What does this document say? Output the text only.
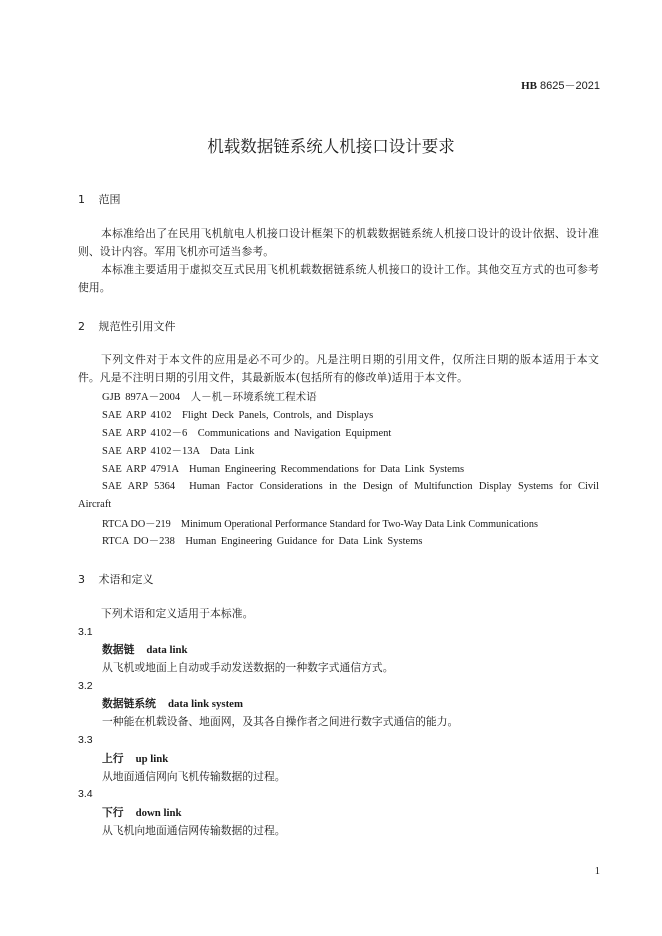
HB 8625－2021
机载数据链系统人机接口设计要求
1 范围
本标准给出了在民用飞机航电人机接口设计框架下的机载数据链系统人机接口设计的设计依据、设计准则、设计内容。军用飞机亦可适当参考。
本标准主要适用于虚拟交互式民用飞机机载数据链系统人机接口的设计工作。其他交互方式的也可参考使用。
2 规范性引用文件
下列文件对于本文件的应用是必不可少的。凡是注明日期的引用文件，仅所注日期的版本适用于本文件。凡是不注明日期的引用文件，其最新版本(包括所有的修改单)适用于本文件。
GJB 897A－2004　人－机－环境系统工程术语
SAE ARP 4102　Flight Deck Panels, Controls, and Displays
SAE ARP 4102－6　Communications and Navigation Equipment
SAE ARP 4102－13A　Data Link
SAE ARP 4791A　Human Engineering Recommendations for Data Link Systems
SAE ARP 5364　Human Factor Considerations in the Design of Multifunction Display Systems for Civil Aircraft
RTCA DO－219　Minimum Operational Performance Standard for Two-Way Data Link Communications
RTCA DO－238　Human Engineering Guidance for Data Link Systems
3 术语和定义
下列术语和定义适用于本标准。
3.1
数据链 data link
从飞机或地面上自动或手动发送数据的一种数字式通信方式。
3.2
数据链系统 data link system
一种能在机载设备、地面网，及其各自操作者之间进行数字式通信的能力。
3.3
上行 up link
从地面通信网向飞机传输数据的过程。
3.4
下行 down link
从飞机向地面通信网传输数据的过程。
1
